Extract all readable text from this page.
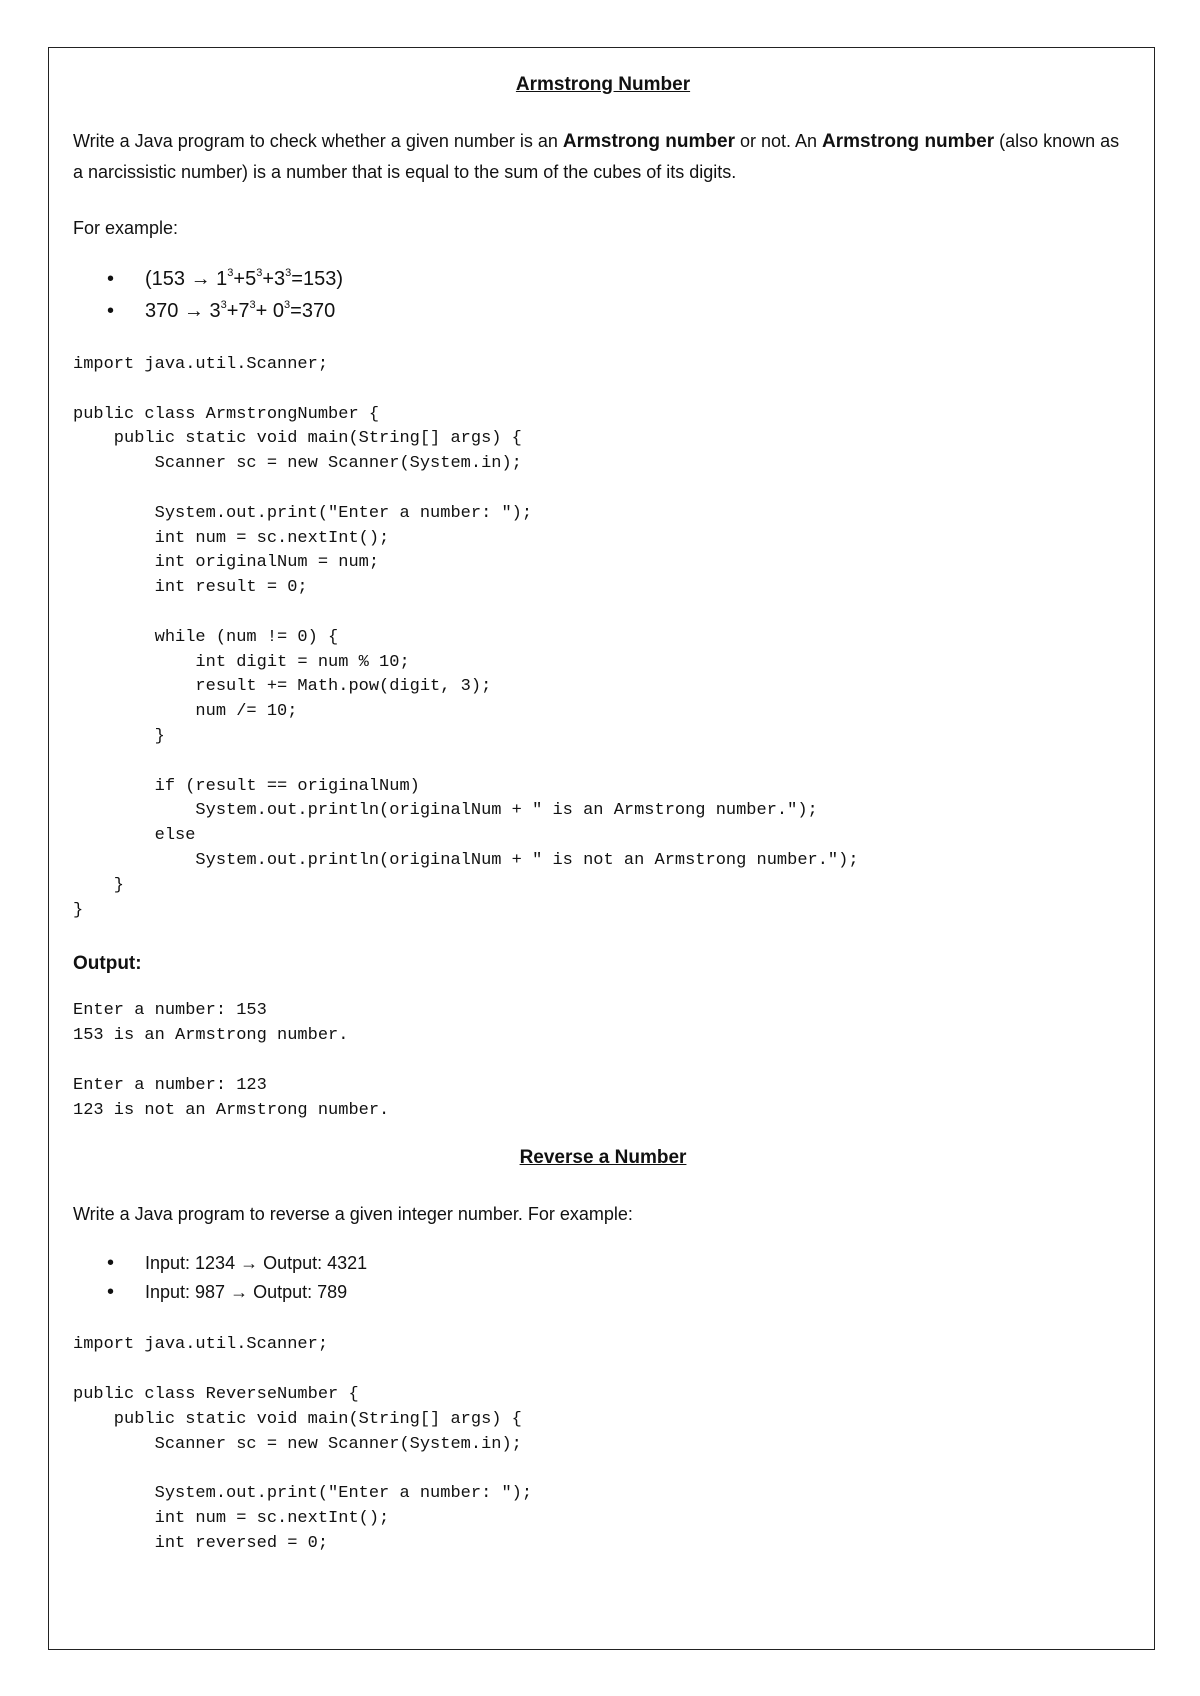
Armstrong Number

Write a Java program to check whether a given number is an Armstrong number or not. An Armstrong number (also known as a narcissistic number) is a number that is equal to the sum of the cubes of its digits.

For example:

• $(153 \to 1^3+5^3+3^3=153)$
• $370 \to 3^3+7^3+ 0^3=370$
import java.util.Scanner;
public class ArmstrongNumber {
public static void main(String[] args) {
Scanner sc = new Scanner(System.in);
System.out.print("Enter a number: ");
int num = sc.nextInt();
int originalNum = num;
int result = 0;
while (num != 0) {
int digit = num % 10;
result += Math.pow(digit, 3);
num /= 10;
}
if (result == originalNum)
System.out.println(originalNum + " is an Armstrong number.");
else
System.out.println(originalNum + " is not an Armstrong number.");
}
}

Output:

Enter a number: 153
153 is an Armstrong number.
Enter a number: 123
123 is not an Armstrong number.
Reverse a Number

Write a Java program to reverse a given integer number. For example:

• Input: 1234 → Output: 4321
• Input: 987 → Output: 789
import java.util.Scanner;
public class ReverseNumber {
public static void main(String[] args) {
Scanner sc = new Scanner(System.in);
System.out.print("Enter a number: ");
int num = sc.nextInt();
int reversed = 0;
